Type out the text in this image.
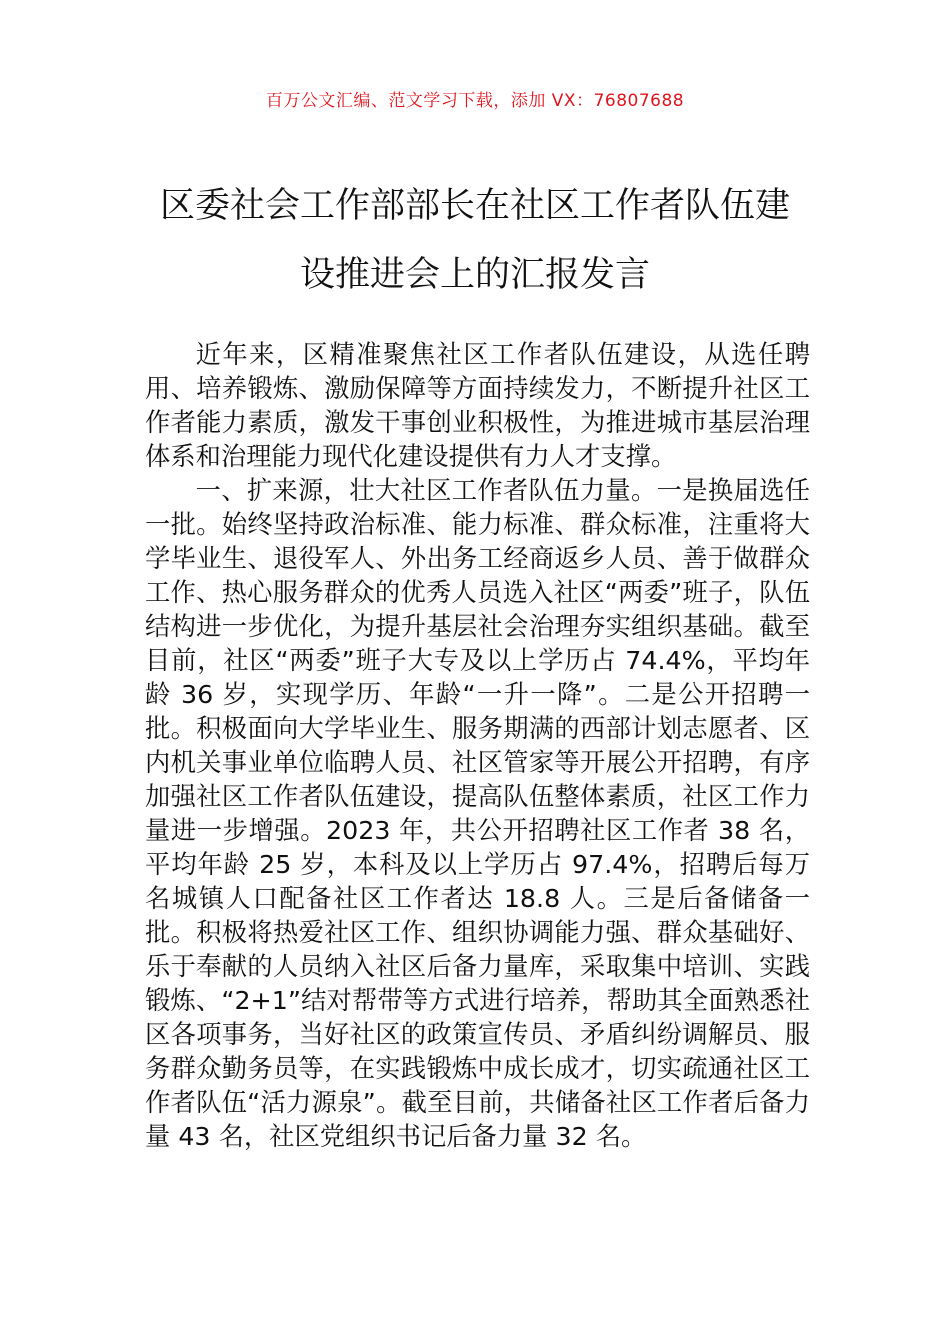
百万公文汇编、范文学习下载，添加 VX：76807688
区委社会工作部部长在社区工作者队伍建
设推进会上的汇报发言

近年来，区精准聚焦社区工作者队伍建设，从选任聘用、培养锻炼、激励保障等方面持续发力，不断提升社区工作者能力素质，激发干事创业积极性，为推进城市基层治理体系和治理能力现代化建设提供有力人才支撑。

一、扩来源，壮大社区工作者队伍力量。一是换届选任一批。始终坚持政治标准、能力标准、群众标准，注重将大学毕业生、退役军人、外出务工经商返乡人员、善于做群众工作、热心服务群众的优秀人员选入社区“两委”班子，队伍结构进一步优化，为提升基层社会治理夯实组织基础。截至目前，社区“两委”班子大专及以上学历占 74.4%，平均年龄 36 岁，实现学历、年龄“一升一降”。二是公开招聘一批。积极面向大学毕业生、服务期满的西部计划志愿者、区内机关事业单位临聘人员、社区管家等开展公开招聘，有序加强社区工作者队伍建设，提高队伍整体素质，社区工作力量进一步增强。2023 年，共公开招聘社区工作者 38 名，平均年龄 25 岁，本科及以上学历占 97.4%，招聘后每万名城镇人口配备社区工作者达 18.8 人。三是后备储备一批。积极将热爱社区工作、组织协调能力强、群众基础好、乐于奉献的人员纳入社区后备力量库，采取集中培训、实践锻炼、“2+1”结对帮带等方式进行培养，帮助其全面熟悉社区各项事务，当好社区的政策宣传员、矛盾纠纷调解员、服务群众勤务员等，在实践锻炼中成长成才，切实疏通社区工作者队伍“活力源泉”。截至目前，共储备社区工作者后备力量 43 名，社区党组织书记后备力量 32 名。
